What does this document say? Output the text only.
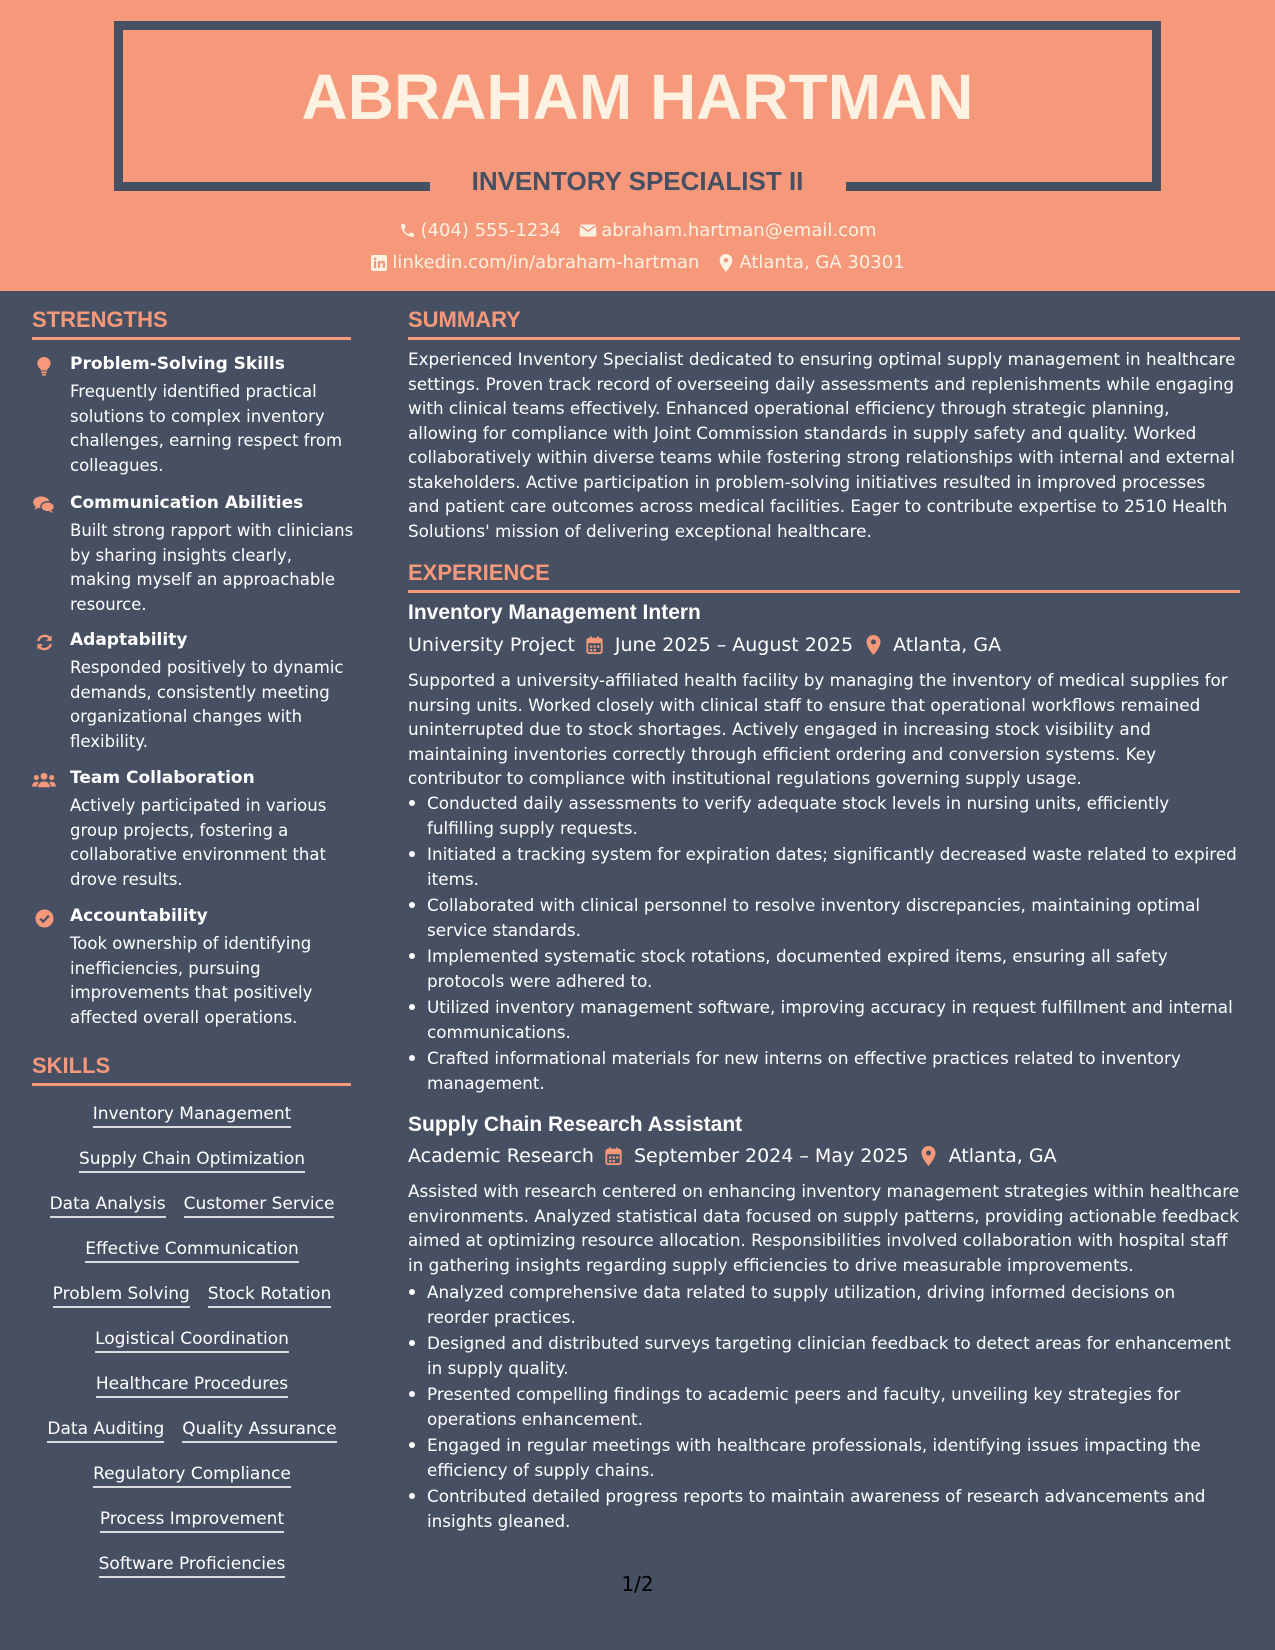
ABRAHAM HARTMAN
INVENTORY SPECIALIST II
(404) 555-1234 abraham.hartman@email.com
linkedin.com/in/abraham-hartman Atlanta, GA 30301
STRENGTHS
Problem-Solving Skills
Frequently identified practical solutions to complex inventory challenges, earning respect from colleagues.
Communication Abilities
Built strong rapport with clinicians by sharing insights clearly, making myself an approachable resource.
Adaptability
Responded positively to dynamic demands, consistently meeting organizational changes with flexibility.
Team Collaboration
Actively participated in various group projects, fostering a collaborative environment that drove results.
Accountability
Took ownership of identifying inefficiencies, pursuing improvements that positively affected overall operations.
SKILLS
Inventory Management
Supply Chain Optimization
Data Analysis Customer Service
Effective Communication
Problem Solving Stock Rotation
Logistical Coordination
Healthcare Procedures
Data Auditing Quality Assurance
Regulatory Compliance
Process Improvement
Software Proficiencies
SUMMARY
Experienced Inventory Specialist dedicated to ensuring optimal supply management in healthcare settings. Proven track record of overseeing daily assessments and replenishments while engaging with clinical teams effectively. Enhanced operational efficiency through strategic planning, allowing for compliance with Joint Commission standards in supply safety and quality. Worked collaboratively within diverse teams while fostering strong relationships with internal and external stakeholders. Active participation in problem-solving initiatives resulted in improved processes and patient care outcomes across medical facilities. Eager to contribute expertise to 2510 Health Solutions' mission of delivering exceptional healthcare.
EXPERIENCE
Inventory Management Intern
University Project June 2025 – August 2025 Atlanta, GA
Supported a university-affiliated health facility by managing the inventory of medical supplies for nursing units. Worked closely with clinical staff to ensure that operational workflows remained uninterrupted due to stock shortages. Actively engaged in increasing stock visibility and maintaining inventories correctly through efficient ordering and conversion systems. Key contributor to compliance with institutional regulations governing supply usage.
Conducted daily assessments to verify adequate stock levels in nursing units, efficiently fulfilling supply requests.
Initiated a tracking system for expiration dates; significantly decreased waste related to expired items.
Collaborated with clinical personnel to resolve inventory discrepancies, maintaining optimal service standards.
Implemented systematic stock rotations, documented expired items, ensuring all safety protocols were adhered to.
Utilized inventory management software, improving accuracy in request fulfillment and internal communications.
Crafted informational materials for new interns on effective practices related to inventory management.
Supply Chain Research Assistant
Academic Research September 2024 – May 2025 Atlanta, GA
Assisted with research centered on enhancing inventory management strategies within healthcare environments. Analyzed statistical data focused on supply patterns, providing actionable feedback aimed at optimizing resource allocation. Responsibilities involved collaboration with hospital staff in gathering insights regarding supply efficiencies to drive measurable improvements.
Analyzed comprehensive data related to supply utilization, driving informed decisions on reorder practices.
Designed and distributed surveys targeting clinician feedback to detect areas for enhancement in supply quality.
Presented compelling findings to academic peers and faculty, unveiling key strategies for operations enhancement.
Engaged in regular meetings with healthcare professionals, identifying issues impacting the efficiency of supply chains.
Contributed detailed progress reports to maintain awareness of research advancements and insights gleaned.
1/2
